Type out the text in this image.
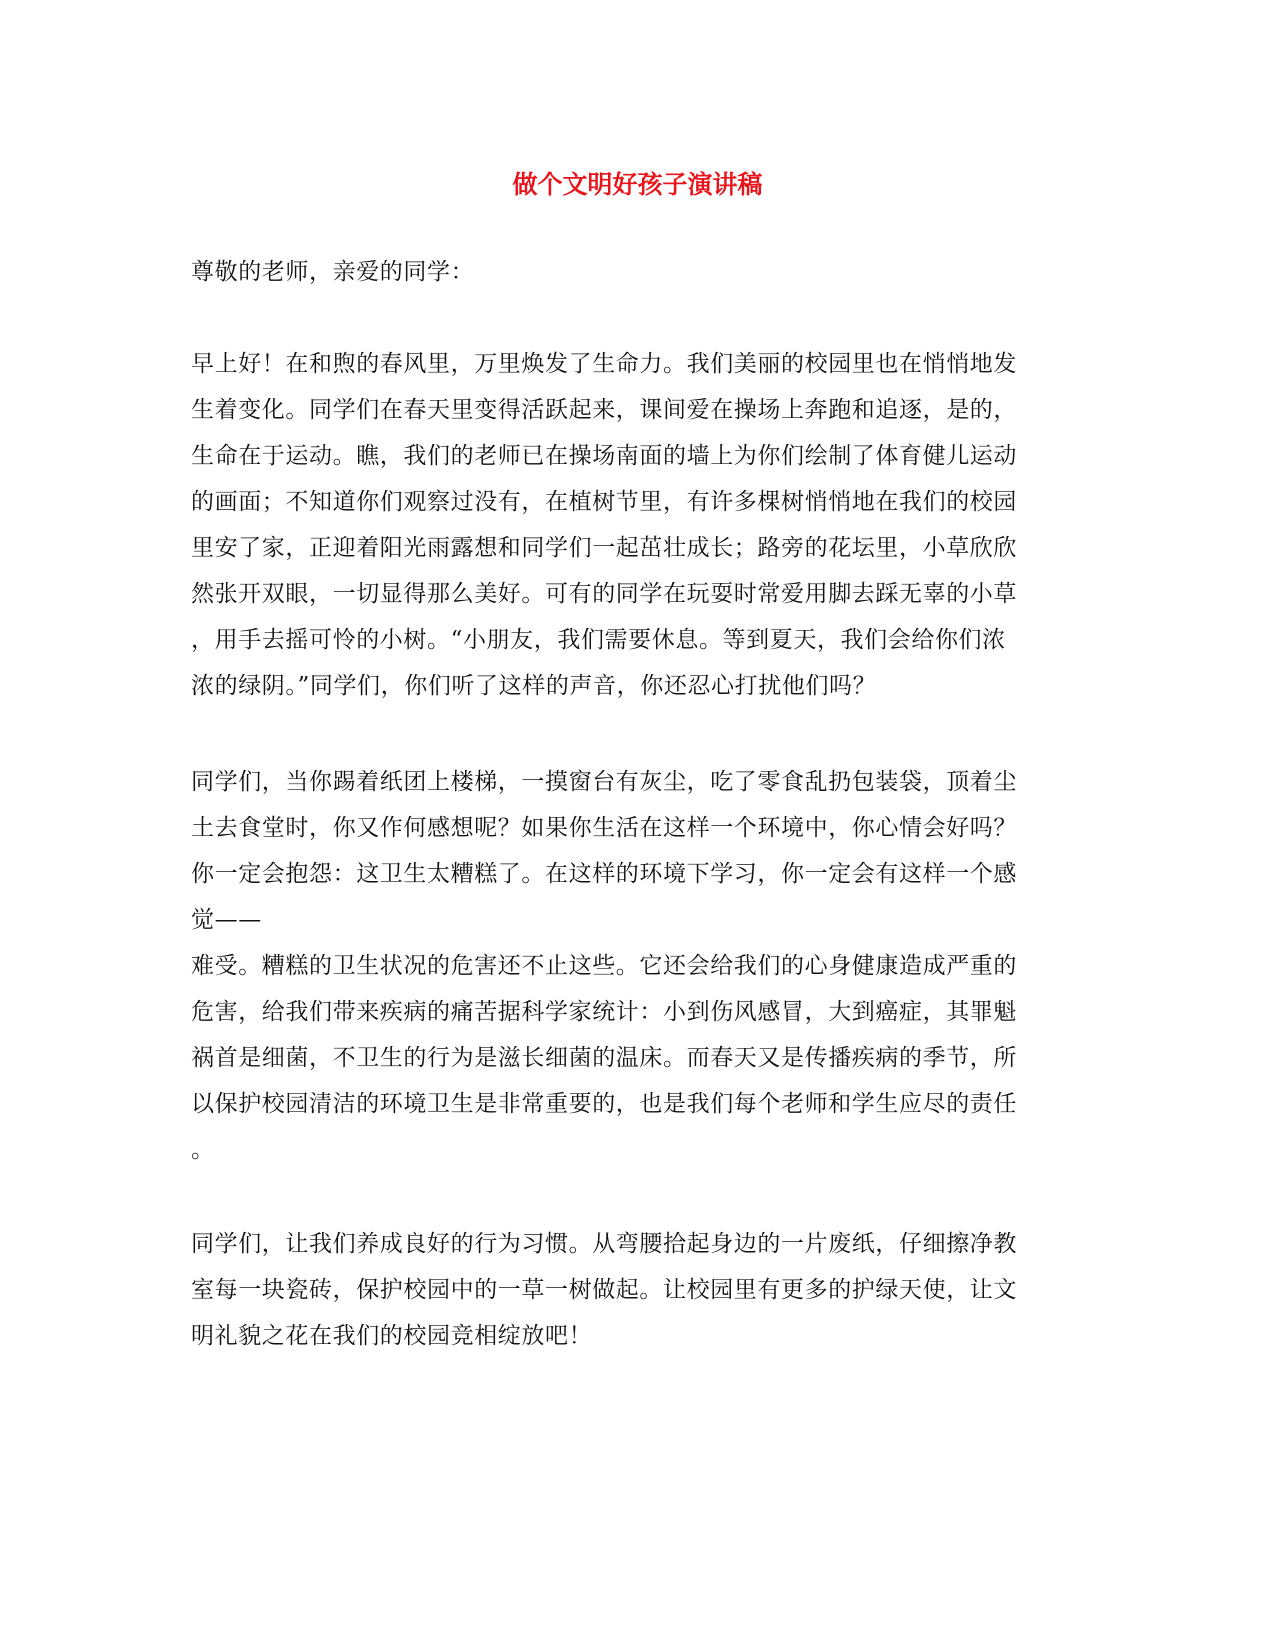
做个文明好孩子演讲稿

尊敬的老师，亲爱的同学：

早上好！在和煦的春风里，万里焕发了生命力。我们美丽的校园里也在悄悄地发

生着变化。同学们在春天里变得活跃起来，课间爱在操场上奔跑和追逐，是的，

生命在于运动。瞧，我们的老师已在操场南面的墙上为你们绘制了体育健儿运动

的画面；不知道你们观察过没有，在植树节里，有许多棵树悄悄地在我们的校园

里安了家，正迎着阳光雨露想和同学们一起茁壮成长；路旁的花坛里，小草欣欣

然张开双眼，一切显得那么美好。可有的同学在玩耍时常爱用脚去踩无辜的小草

，用手去摇可怜的小树。“小朋友，我们需要休息。等到夏天，我们会给你们浓

浓的绿阴。”同学们，你们听了这样的声音，你还忍心打扰他们吗？

同学们，当你踢着纸团上楼梯，一摸窗台有灰尘，吃了零食乱扔包装袋，顶着尘

土去食堂时，你又作何感想呢？如果你生活在这样一个环境中，你心情会好吗？

你一定会抱怨：这卫生太糟糕了。在这样的环境下学习，你一定会有这样一个感

觉——

难受。糟糕的卫生状况的危害还不止这些。它还会给我们的心身健康造成严重的

危害，给我们带来疾病的痛苦据科学家统计：小到伤风感冒，大到癌症，其罪魁

祸首是细菌，不卫生的行为是滋长细菌的温床。而春天又是传播疾病的季节，所

以保护校园清洁的环境卫生是非常重要的，也是我们每个老师和学生应尽的责任

。

同学们，让我们养成良好的行为习惯。从弯腰拾起身边的一片废纸，仔细擦净教

室每一块瓷砖，保护校园中的一草一树做起。让校园里有更多的护绿天使，让文

明礼貌之花在我们的校园竞相绽放吧！
